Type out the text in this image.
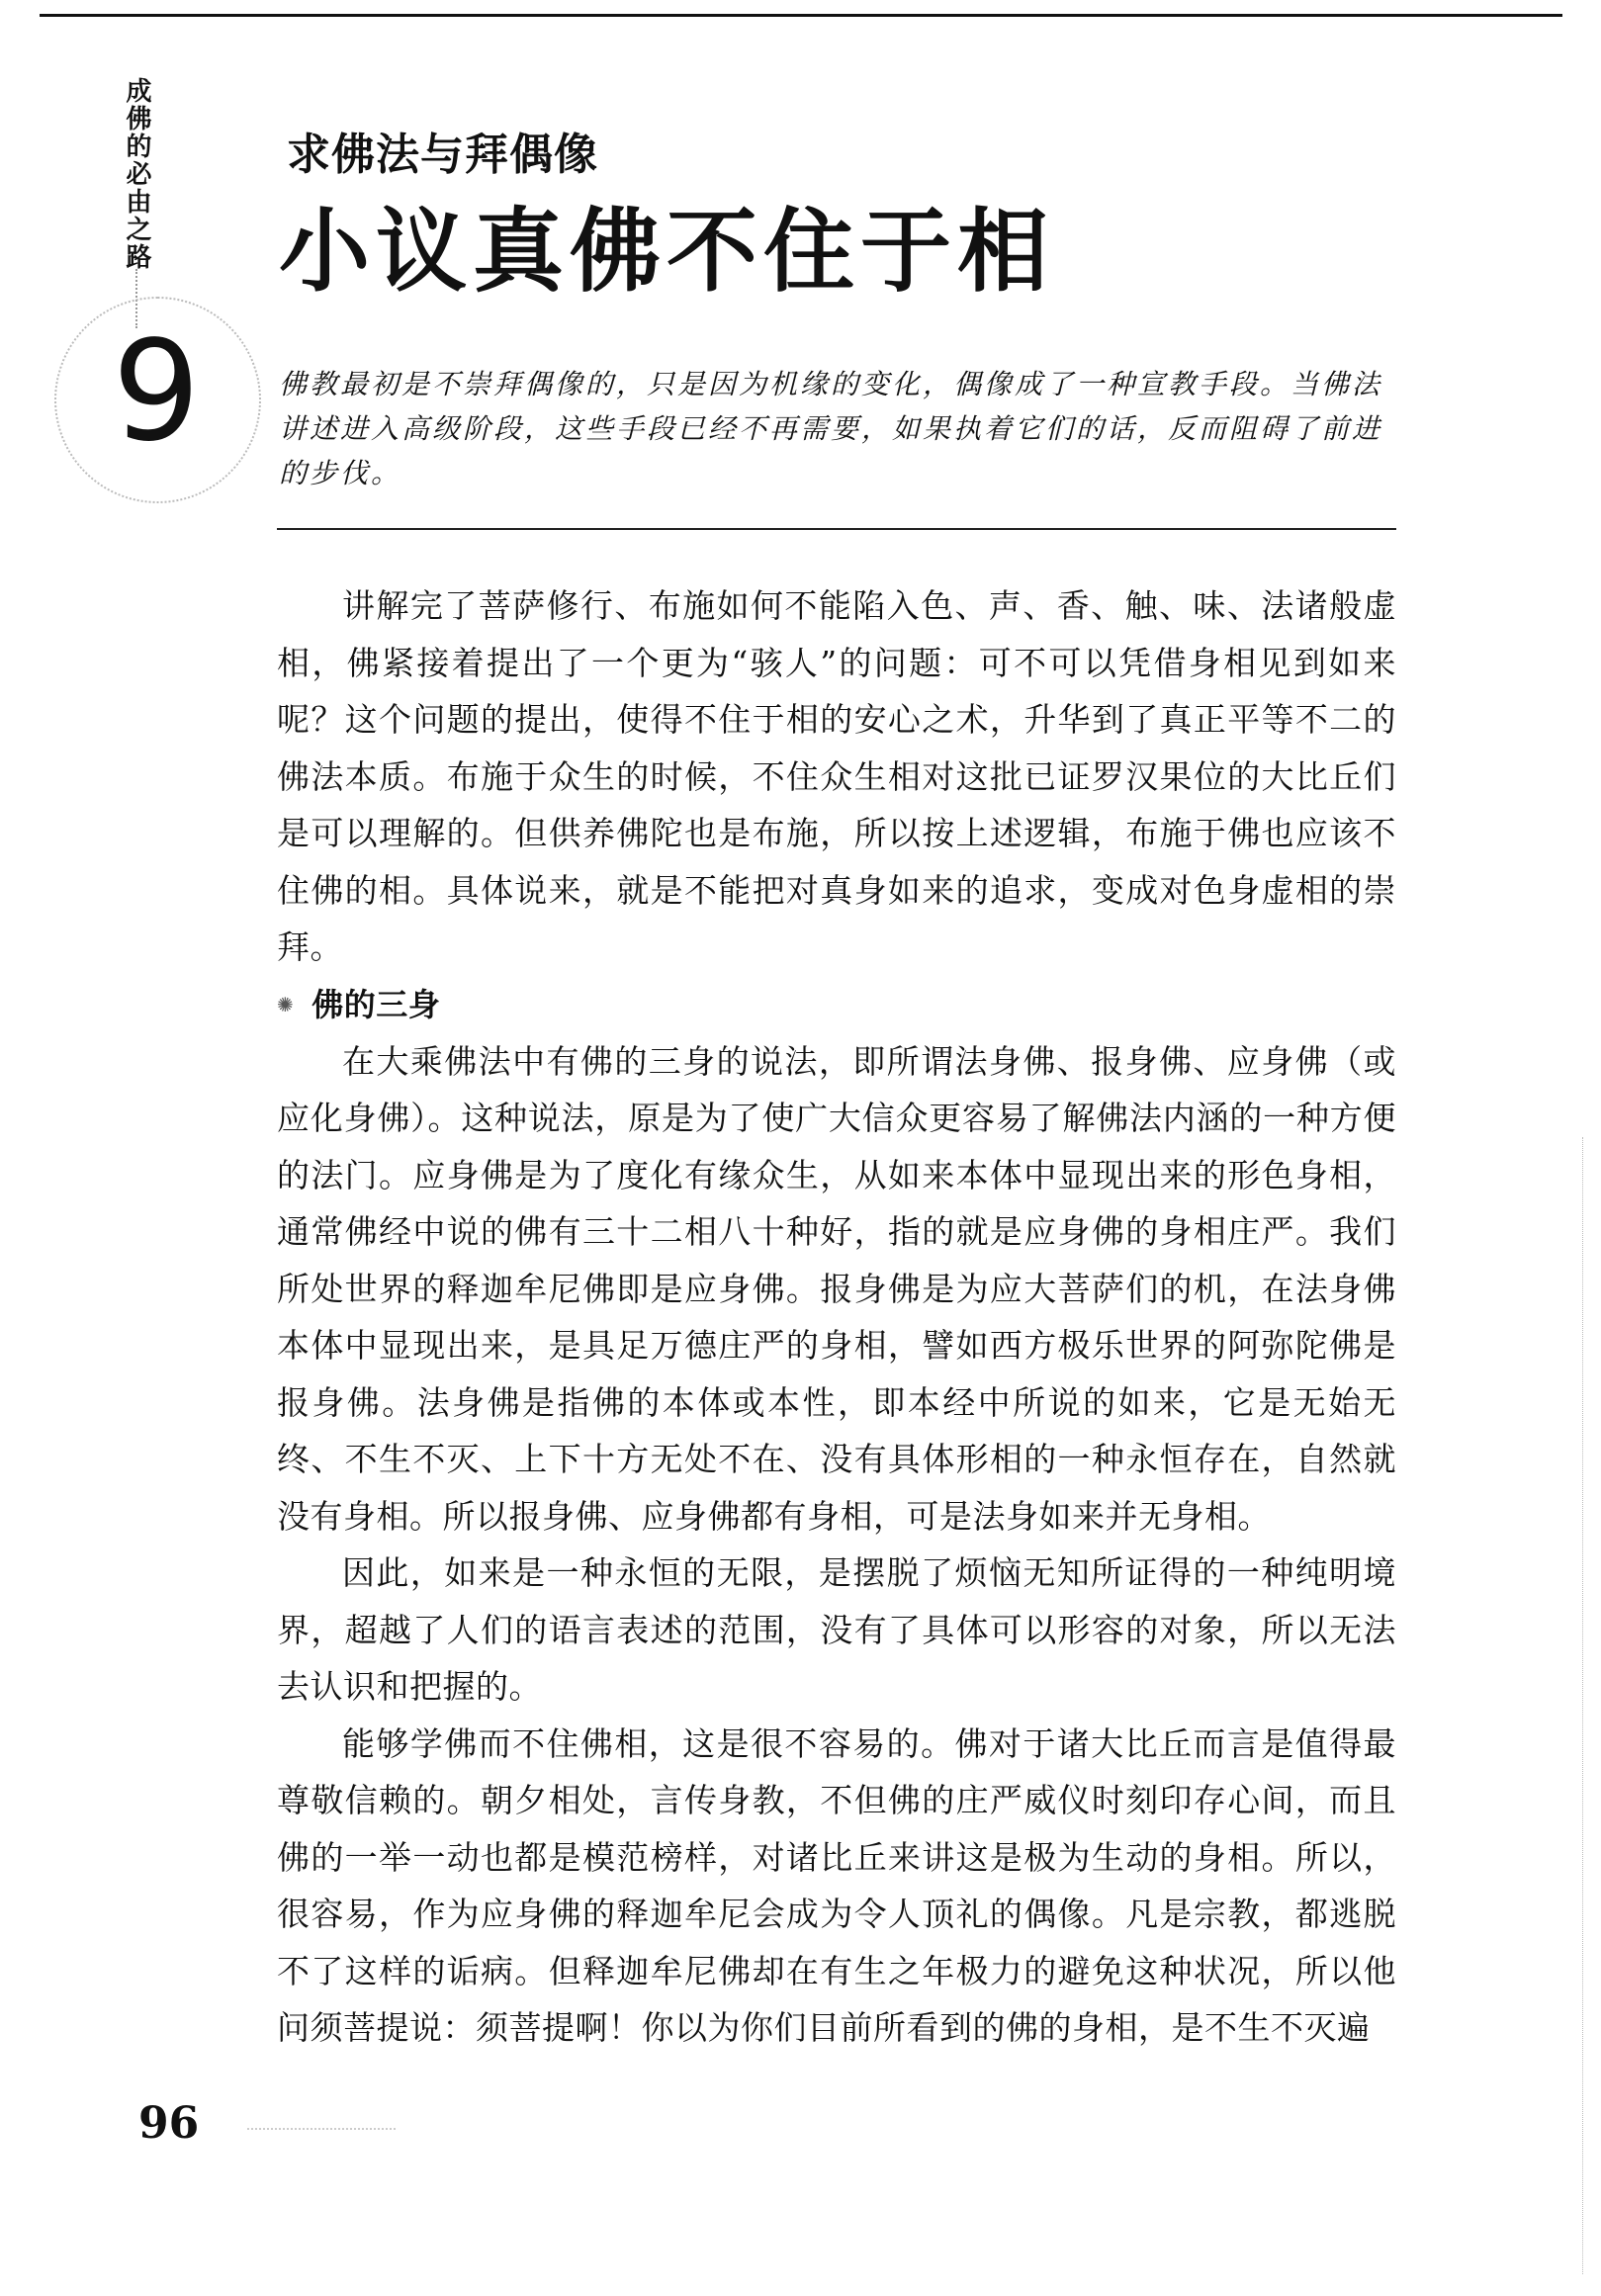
成佛的必由之路
9
求佛法与拜偶像
小议真佛不住于相
佛教最初是不崇拜偶像的，只是因为机缘的变化，偶像成了一种宣教手段。当佛法讲述进入高级阶段，这些手段已经不再需要，如果执着它们的话，反而阻碍了前进的步伐。

讲解完了菩萨修行、布施如何不能陷入色、声、香、触、味、法诸般虚相，佛紧接着提出了一个更为“骇人”的问题：可不可以凭借身相见到如来呢？这个问题的提出，使得不住于相的安心之术，升华到了真正平等不二的佛法本质。布施于众生的时候，不住众生相对这批已证罗汉果位的大比丘们是可以理解的。但供养佛陀也是布施，所以按上述逻辑，布施于佛也应该不住佛的相。具体说来，就是不能把对真身如来的追求，变成对色身虚相的崇拜。

✺ 佛的三身

在大乘佛法中有佛的三身的说法，即所谓法身佛、报身佛、应身佛（或应化身佛）。这种说法，原是为了使广大信众更容易了解佛法内涵的一种方便的法门。应身佛是为了度化有缘众生，从如来本体中显现出来的形色身相，通常佛经中说的佛有三十二相八十种好，指的就是应身佛的身相庄严。我们所处世界的释迦牟尼佛即是应身佛。报身佛是为应大菩萨们的机，在法身佛本体中显现出来，是具足万德庄严的身相，譬如西方极乐世界的阿弥陀佛是报身佛。法身佛是指佛的本体或本性，即本经中所说的如来，它是无始无终、不生不灭、上下十方无处不在、没有具体形相的一种永恒存在，自然就没有身相。所以报身佛、应身佛都有身相，可是法身如来并无身相。

因此，如来是一种永恒的无限，是摆脱了烦恼无知所证得的一种纯明境界，超越了人们的语言表述的范围，没有了具体可以形容的对象，所以无法去认识和把握的。

能够学佛而不住佛相，这是很不容易的。佛对于诸大比丘而言是值得最尊敬信赖的。朝夕相处，言传身教，不但佛的庄严威仪时刻印存心间，而且佛的一举一动也都是模范榜样，对诸比丘来讲这是极为生动的身相。所以，很容易，作为应身佛的释迦牟尼会成为令人顶礼的偶像。凡是宗教，都逃脱不了这样的诟病。但释迦牟尼佛却在有生之年极力的避免这种状况，所以他问须菩提说：须菩提啊！你以为你们目前所看到的佛的身相，是不生不灭遍

96
